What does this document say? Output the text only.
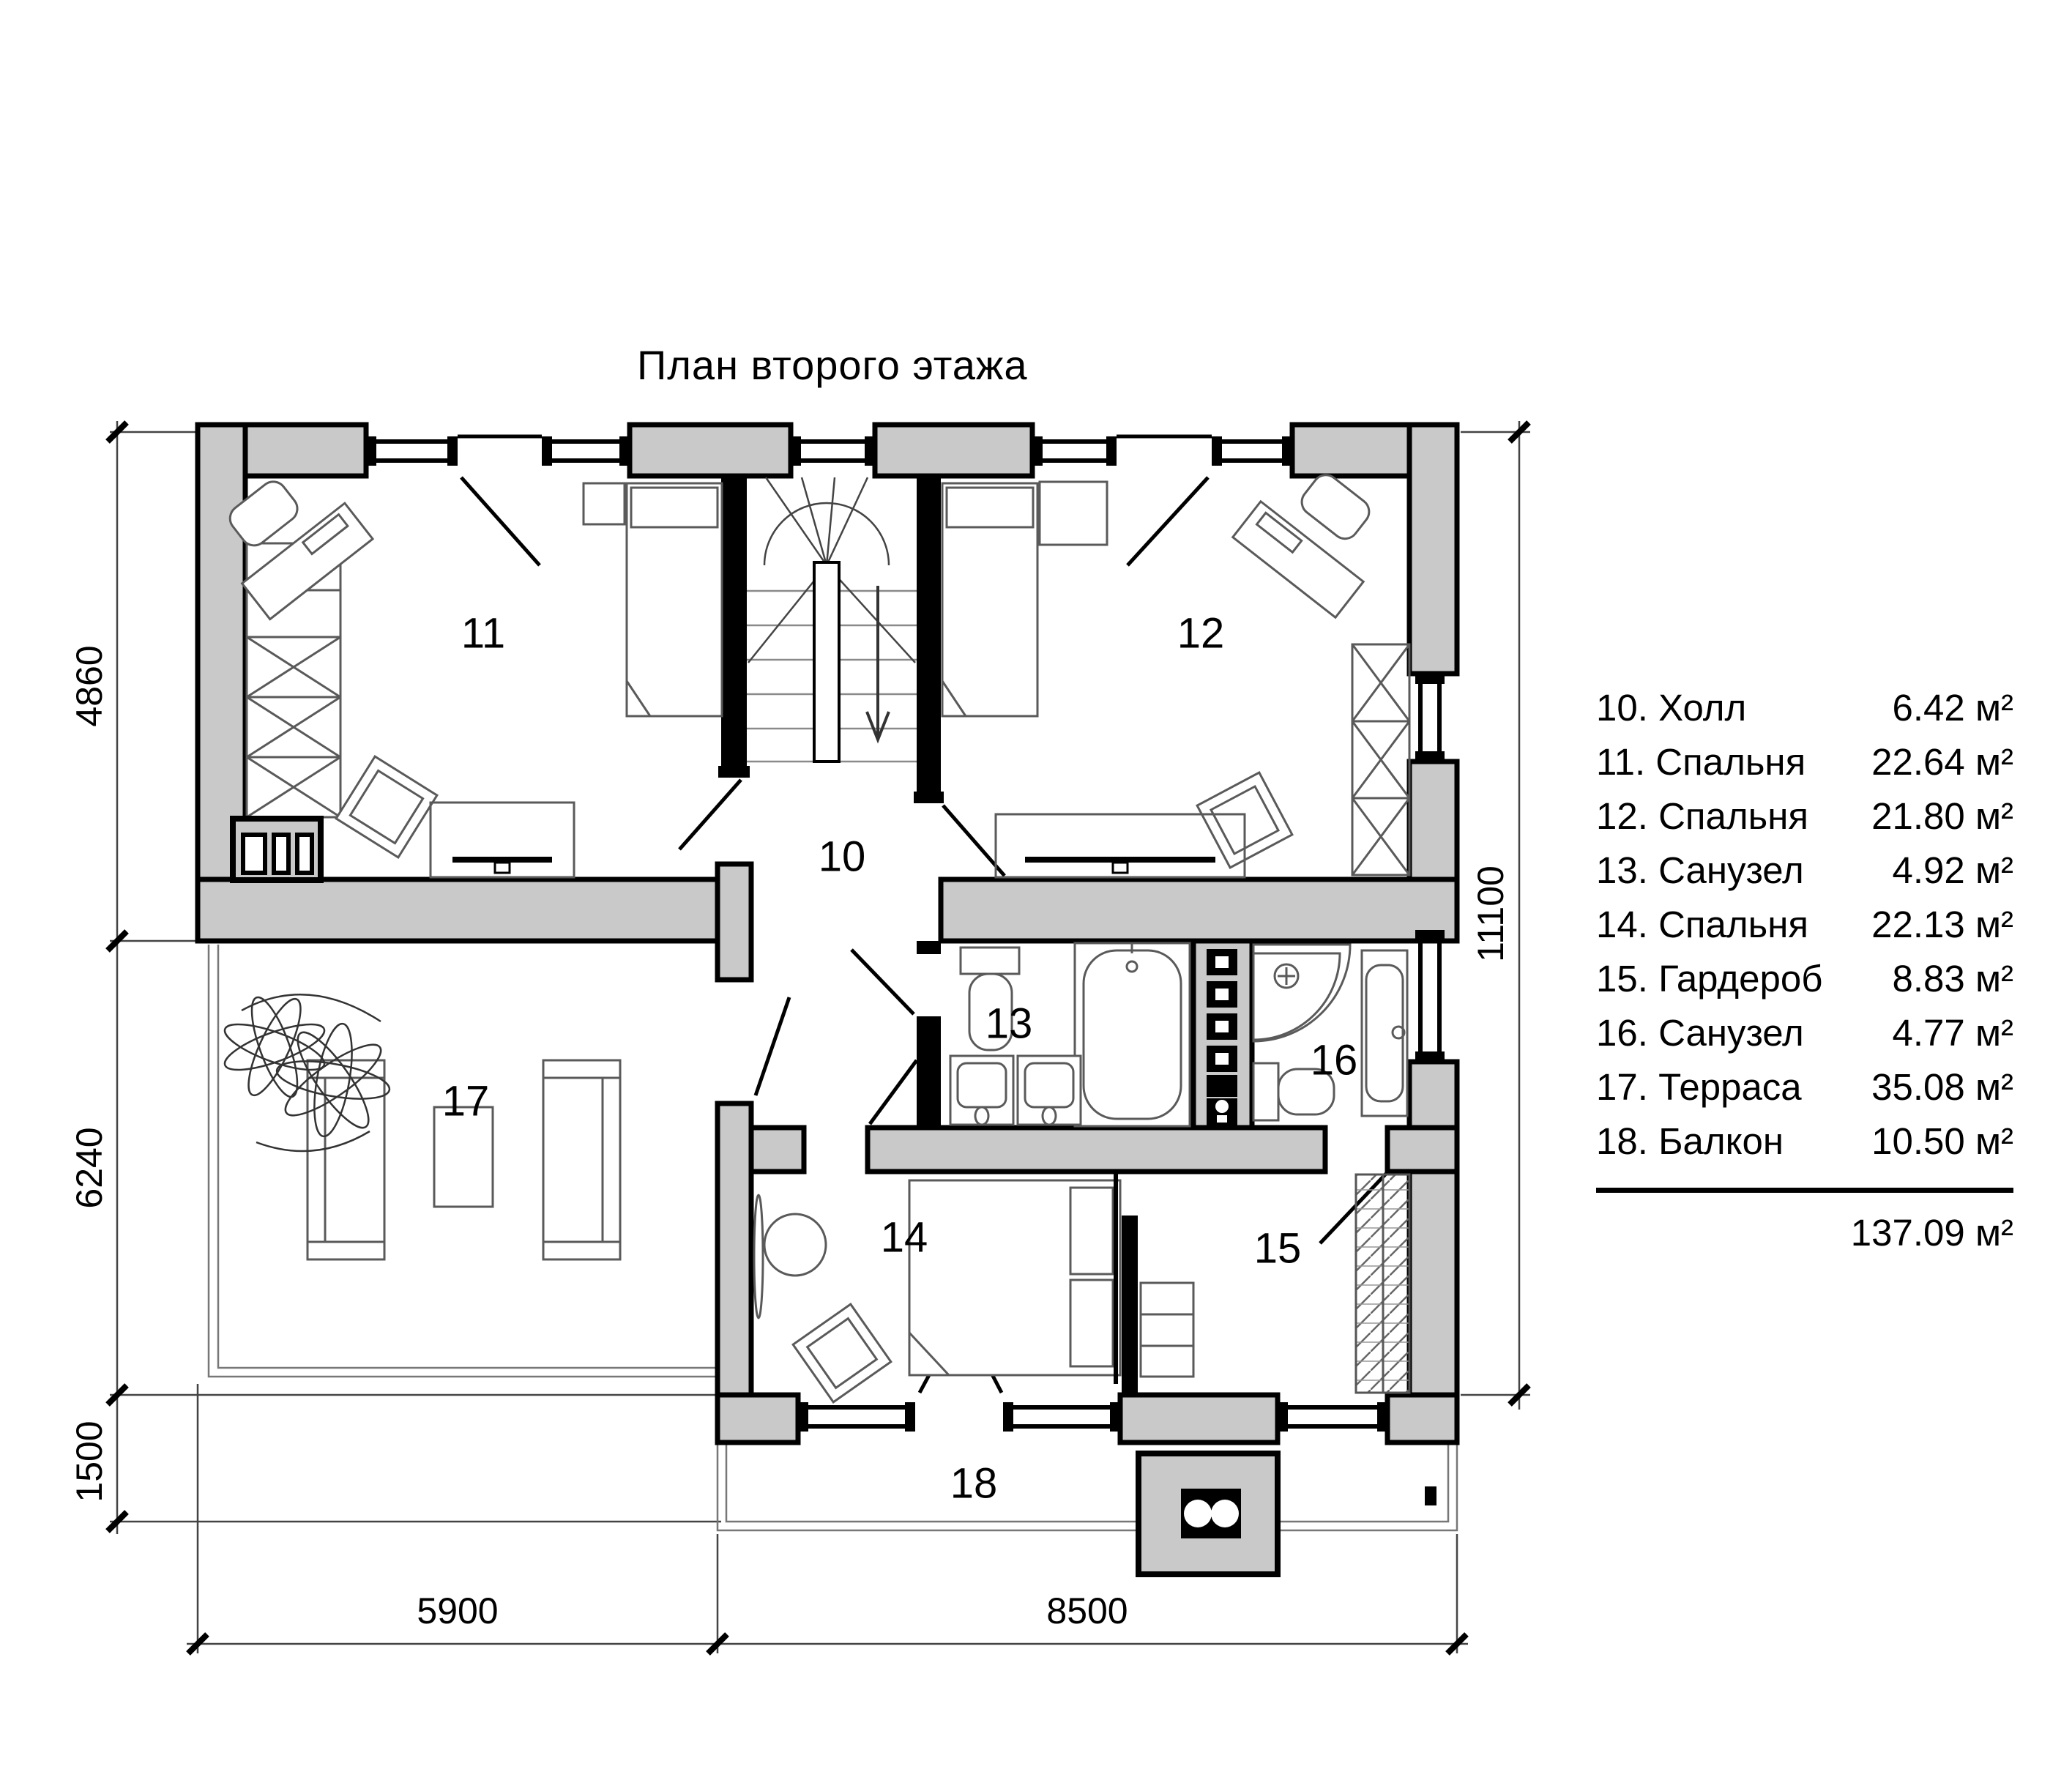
План второго этажа
10
11	12
13
14	15
16
17
18
4860
6240
1500
11100
5900	8500
10. Холл	6.42 м²
11. Спальня 22.64 м²
12. Спальня 21.80 м²
13. Санузел 4.92 м²
14. Спальня 22.13 м²
15. Гардероб 8.83 м²
16. Санузел 4.77 м²
17. Терраса 35.08 м²
18. Балкон 10.50 м²
137.09 м²
